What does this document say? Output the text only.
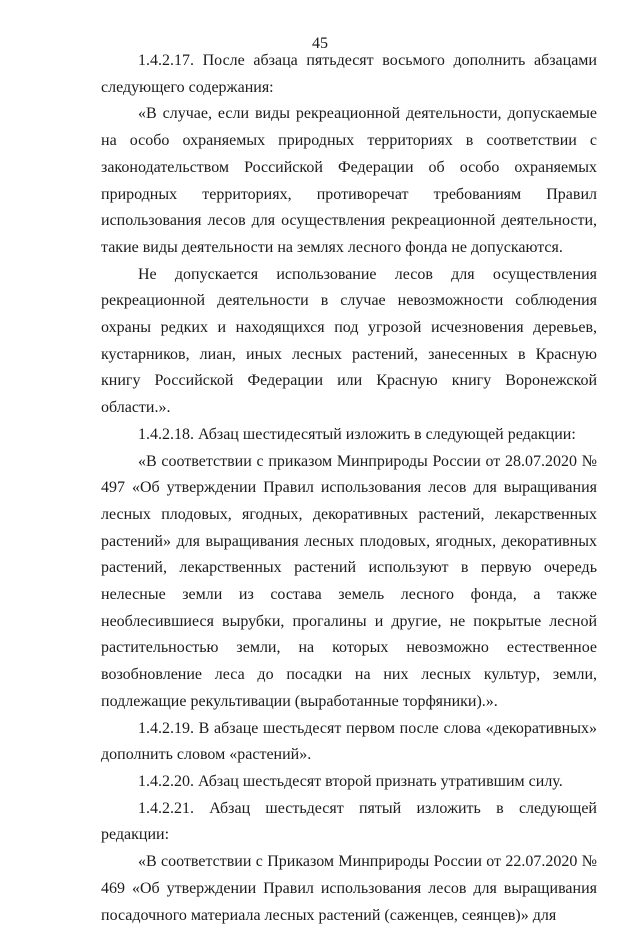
45

1.4.2.17. После абзаца пятьдесят восьмого дополнить абзацами следующего содержания:

«В случае, если виды рекреационной деятельности, допускаемые на особо охраняемых природных территориях в соответствии с законодательством Российской Федерации об особо охраняемых природных территориях, противоречат требованиям Правил использования лесов для осуществления рекреационной деятельности, такие виды деятельности на землях лесного фонда не допускаются.

Не допускается использование лесов для осуществления рекреационной деятельности в случае невозможности соблюдения охраны редких и находящихся под угрозой исчезновения деревьев, кустарников, лиан, иных лесных растений, занесенных в Красную книгу Российской Федерации или Красную книгу Воронежской области.».

1.4.2.18. Абзац шестидесятый изложить в следующей редакции:

«В соответствии с приказом Минприроды России от 28.07.2020 № 497 «Об утверждении Правил использования лесов для выращивания лесных плодовых, ягодных, декоративных растений, лекарственных растений» для выращивания лесных плодовых, ягодных, декоративных растений, лекарственных растений используют в первую очередь нелесные земли из состава земель лесного фонда, а также необлесившиеся вырубки, прогалины и другие, не покрытые лесной растительностью земли, на которых невозможно естественное возобновление леса до посадки на них лесных культур, земли, подлежащие рекультивации (выработанные торфяники).».

1.4.2.19. В абзаце шестьдесят первом после слова «декоративных» дополнить словом «растений».

1.4.2.20. Абзац шестьдесят второй признать утратившим силу.

1.4.2.21. Абзац шестьдесят пятый изложить в следующей редакции:

«В соответствии с Приказом Минприроды России от 22.07.2020 № 469 «Об утверждении Правил использования лесов для выращивания посадочного материала лесных растений (саженцев, сеянцев)» для
